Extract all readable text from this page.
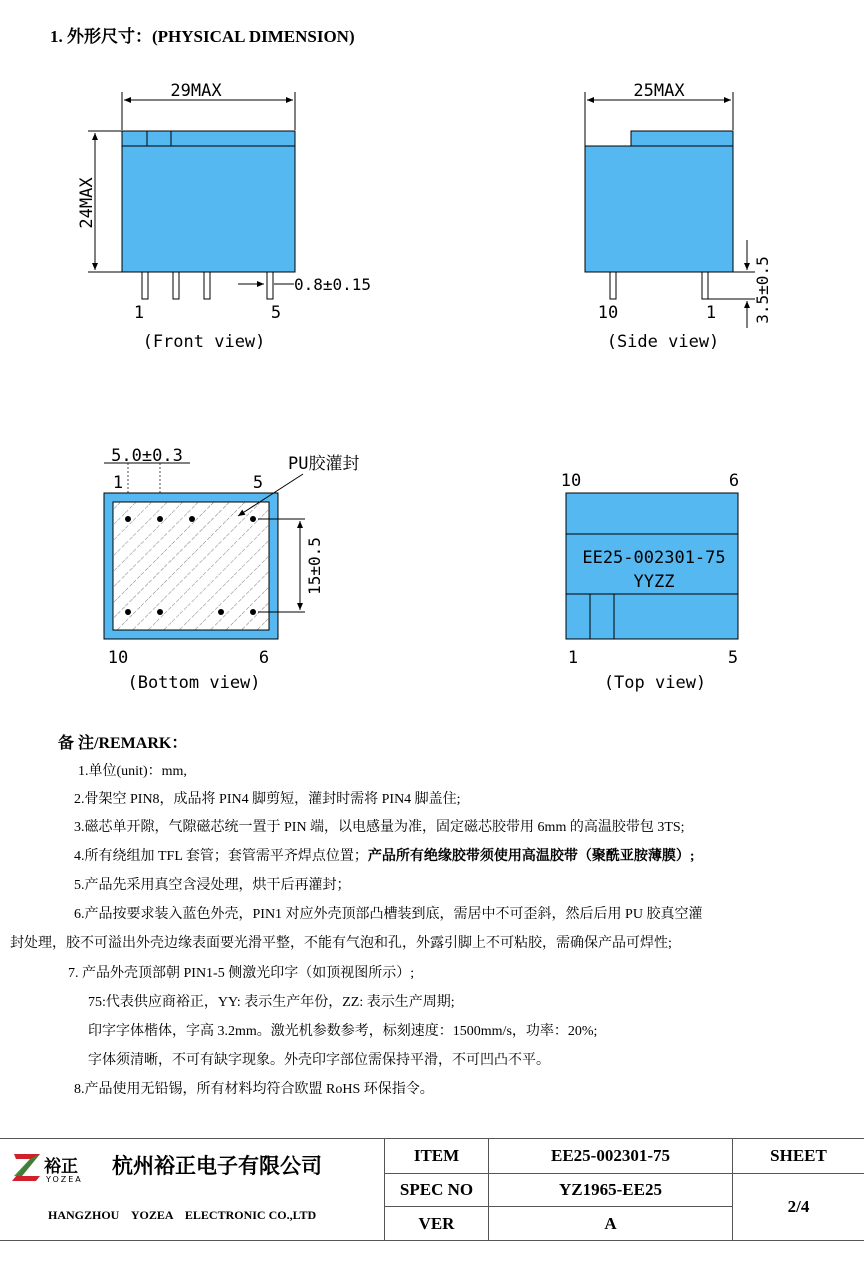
1. 外形尺寸：(PHYSICAL DIMENSION)
29MAX
24MAX
0.8±0.15
1	5
(Front view)
25MAX
3.5±0.5
10	1
(Side view)
5.0±0.3
15±0.5
PU胶灌封
1	5
10	6
(Bottom view)
EE25-002301-75
YYZZ
10	6
1	5
(Top view)
备 注/REMARK：
1.单位(unit)：mm,
2.骨架空 PIN8，成品将 PIN4 脚剪短，灌封时需将 PIN4 脚盖住;
3.磁芯单开隙，气隙磁芯统一置于 PIN 端，以电感量为准，固定磁芯胶带用 6mm 的高温胶带包 3TS;
4.所有绕组加 TFL 套管；套管需平齐焊点位置；产品所有绝缘胶带须使用高温胶带（聚酰亚胺薄膜）;
5.产品先采用真空含浸处理，烘干后再灌封；
6.产品按要求装入蓝色外壳，PIN1 对应外壳顶部凸槽装到底，需居中不可歪斜，然后后用 PU 胶真空灌
封处理，胶不可溢出外壳边缘表面要光滑平整，不能有气泡和孔，外露引脚上不可粘胶，需确保产品可焊性;
7. 产品外壳顶部朝 PIN1-5 侧激光印字（如顶视图所示）;
75:代表供应商裕正，YY: 表示生产年份，ZZ: 表示生产周期;
印字字体楷体，字高 3.2mm。激光机参数参考，标刻速度：1500mm/s，功率：20%;
字体须清晰，不可有缺字现象。外壳印字部位需保持平滑，不可凹凸不平。
8.产品使用无铅锡，所有材料均符合欧盟 RoHS 环保指令。
裕正
YOZEA
杭州裕正电子有限公司
HANGZHOU    YOZEA    ELECTRONIC CO.,LTD
ITEM	EE25-002301-75
SPEC NO	YZ1965-EE25
VER	A
SHEET
2/4
